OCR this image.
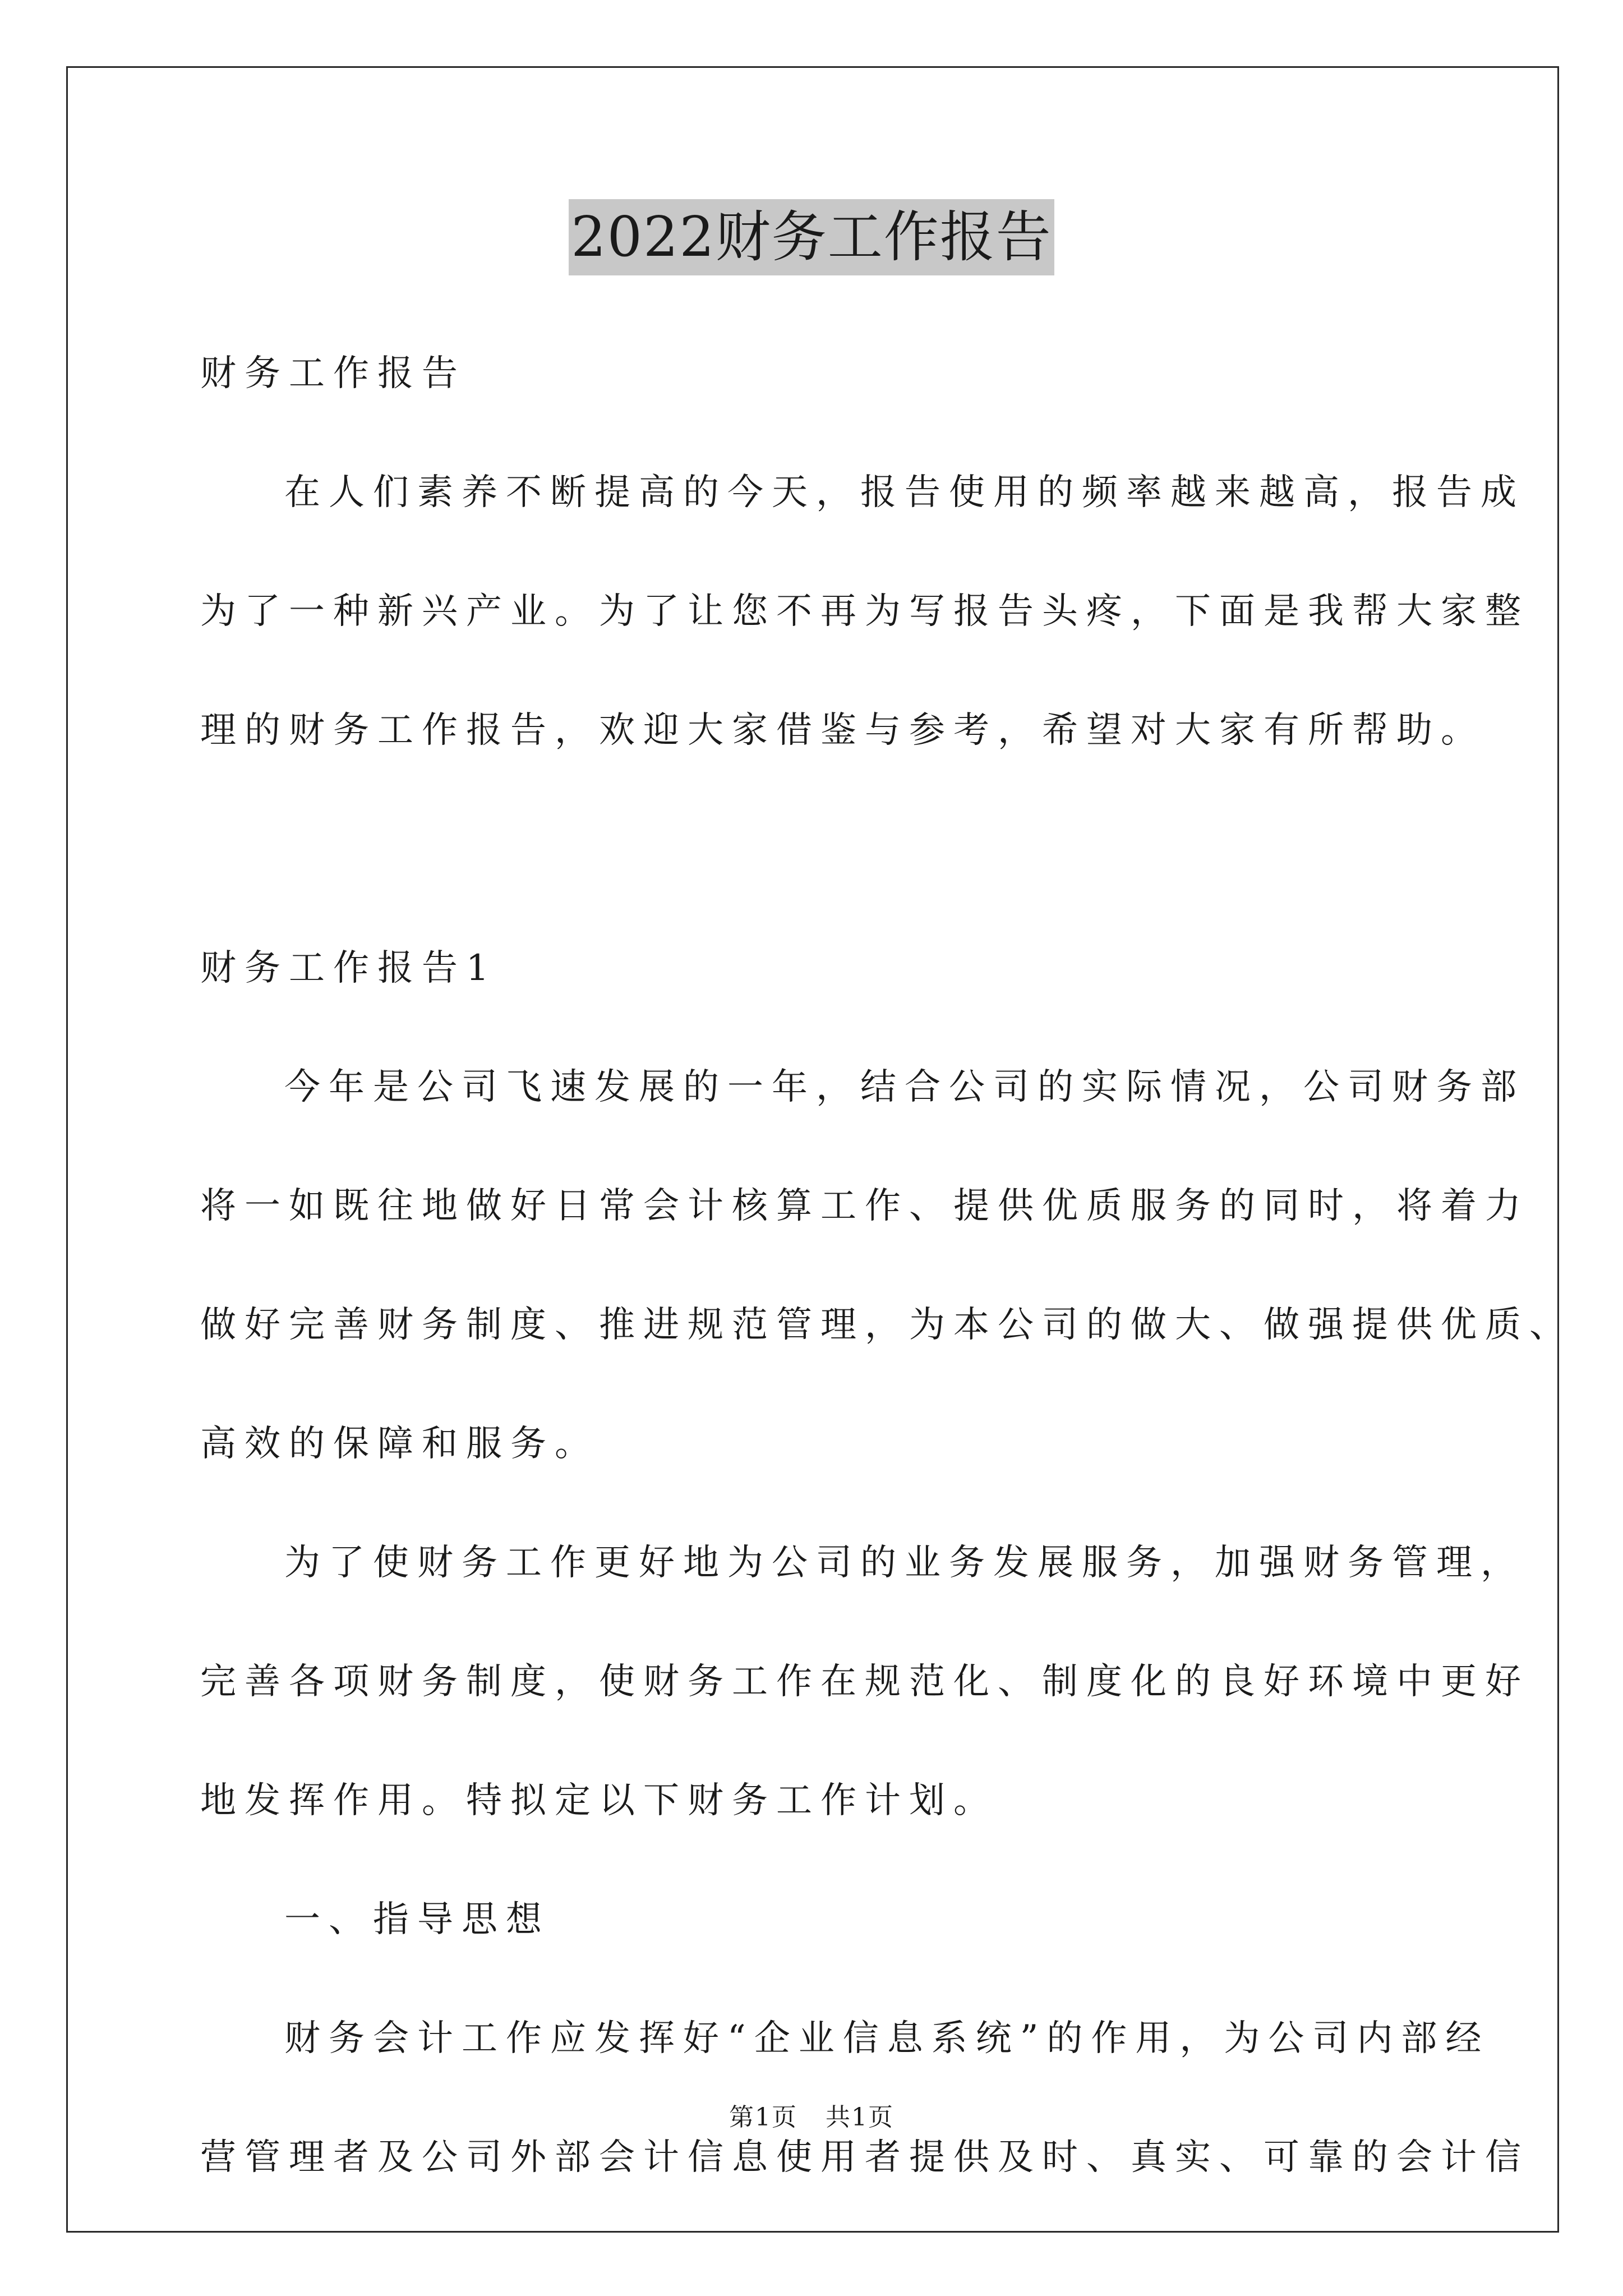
2022财务工作报告
财务工作报告
在人们素养不断提高的今天，报告使用的频率越来越高，报告成
为了一种新兴产业。为了让您不再为写报告头疼，下面是我帮大家整
理的财务工作报告，欢迎大家借鉴与参考，希望对大家有所帮助。
财务工作报告1
今年是公司飞速发展的一年，结合公司的实际情况，公司财务部
将一如既往地做好日常会计核算工作、提供优质服务的同时，将着力
做好完善财务制度、推进规范管理，为本公司的做大、做强提供优质、
高效的保障和服务。
为了使财务工作更好地为公司的业务发展服务，加强财务管理，
完善各项财务制度，使财务工作在规范化、制度化的良好环境中更好
地发挥作用。特拟定以下财务工作计划。
一、指导思想
财务会计工作应发挥好“企业信息系统”的作用，为公司内部经
营管理者及公司外部会计信息使用者提供及时、真实、可靠的会计信
第1页 共1页
